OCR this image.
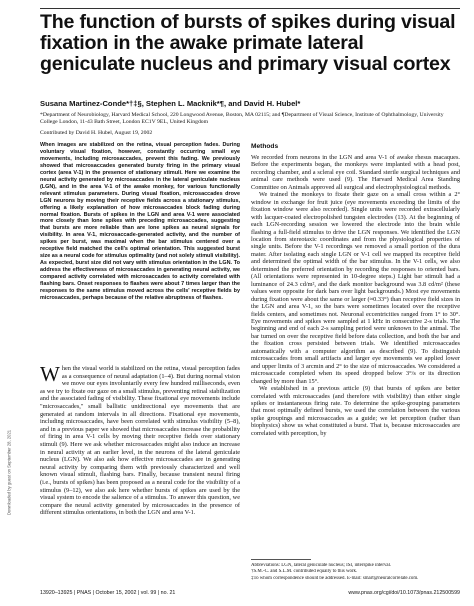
The function of bursts of spikes during visual fixation in the awake primate lateral geniculate nucleus and primary visual cortex
Susana Martinez-Conde*†‡§, Stephen L. Macknik*¶, and David H. Hubel*
*Department of Neurobiology, Harvard Medical School, 220 Longwood Avenue, Boston, MA 02115; and ¶Department of Visual Science, Institute of Ophthalmology, University College London, 11-43 Bath Street, London EC1V 9EL, United Kingdom
Contributed by David H. Hubel, August 19, 2002
When images are stabilized on the retina, visual perception fades. During voluntary visual fixation, however, constantly occurring small eye movements, including microsaccades, prevent this fading. We previously showed that microsaccades generated bursty firing in the primary visual cortex (area V-1) in the presence of stationary stimuli. Here we examine the neural activity generated by microsaccades in the lateral geniculate nucleus (LGN), and in the area V-1 of the awake monkey, for various functionally relevant stimulus parameters. During visual fixation, microsaccades drove LGN neurons by moving their receptive fields across a stationary stimulus, offering a likely explanation of how microsaccades block fading during normal fixation. Bursts of spikes in the LGN and area V-1 were associated more closely than lone spikes with preceding microsaccades, suggesting that bursts are more reliable than are lone spikes as neural signals for visibility. In area V-1, microsaccade-generated activity, and the number of spikes per burst, was maximal when the bar stimulus centered over a receptive field matched the cell's optimal orientation. This suggested burst size as a neural code for stimulus optimality (and not solely stimuli visibility). As expected, burst size did not vary with stimulus orientation in the LGN. To address the effectiveness of microsaccades in generating neural activity, we compared activity correlated with microsaccades to activity correlated with flashing bars. Onset responses to flashes were about 7 times larger than the responses to the same stimulus moved across the cells' receptive fields by microsaccades, perhaps because of the relative abruptness of flashes.
W hen the visual world is stabilized on the retina, visual perception fades as a consequence of neural adaptation (1–4). But during normal vision we move our eyes involuntarily every few hundred milliseconds, even as we try to fixate our gaze on a small stimulus, preventing retinal stabilization and the associated fading of visibility. These fixational eye movements include "microsaccades," small ballistic unidirectional eye movements that are generated at random intervals in all directions. Fixational eye movements, including microsaccades, have been correlated with stimulus visibility (5–8), and in a previous paper we showed that microsaccades increase the probability of firing in area V-1 cells by moving their receptive fields over stationary stimuli (9). Here we ask whether microsaccades might also induce an increase in neural activity at an earlier level, in the neurons of the lateral geniculate nucleus (LGN). We also ask how effective microsaccades are in generating neural activity by comparing them with previously characterized and well known visual stimuli, flashing bars. Finally, because transient neural firing (i.e., bursts of spikes) has been proposed as a neural code for the visibility of a stimulus (9–12), we also ask here whether bursts of spikes are used by the visual system to encode the salience of a stimulus. To answer this question, we compare the neural activity generated by microsaccades in the presence of different stimulus orientations, in both the LGN and area V-1.
Methods

We recorded from neurons in the LGN and area V-1 of awake rhesus macaques. Before the experiments began, the monkeys were implanted with a head post, recording chamber, and a scleral eye coil. Standard sterile surgical techniques and animal care methods were used (9). The Harvard Medical Area Standing Committee on Animals approved all surgical and electrophysiological methods.

We trained the monkeys to fixate their gaze on a small cross within a 2° window in exchange for fruit juice (eye movements exceeding the limits of the fixation window were also recorded). Single units were recorded extracellularly with lacquer-coated electropolished tungsten electrodes (13). At the beginning of each LGN-recording session we lowered the electrode into the brain while flashing a full-field stimulus to drive the LGN responses. We identified the LGN location from stereotaxic coordinates and from the physiological properties of single units. Before the V-1 recordings we removed a small portion of the dura mater. After isolating each single LGN or V-1 cell we mapped its receptive field and determined the optimal width of the bar stimulus. In the V-1 cells, we also determined the preferred orientation by recording the responses to oriented bars. (All orientations were represented in 10-degree steps.) Light bar stimuli had a luminance of 24.3 cd/m², and the dark monitor background was 3.8 cd/m² (these values were opposite for dark bars over light backgrounds.) Most eye movements during fixation were about the same or larger (≈0.33°) than receptive field sizes in the LGN and area V-1, so the bars were sometimes located over the receptive fields centers, and sometimes not. Neuronal eccentricities ranged from 1° to 30°. Eye movements and spikes were sampled at 1 kHz in consecutive 2-s trials. The beginning and end of each 2-s sampling period were unknown to the animal. The bar turned on over the receptive field before data collection, and both the bar and the fixation cross persisted between trials. We identified microsaccades automatically with a computer algorithm as described (9). To distinguish microsaccades from small artifacts and larger eye movements we applied lower and upper limits of 3 arcmin and 2° to the size of microsaccades. We considered a microsaccade completed when its speed dropped below 3°/s or its direction changed by more than 15°.

We established in a previous article (9) that bursts of spikes are better correlated with microsaccades (and therefore with visibility) than either single spikes or instantaneous firing rate. To determine the spike-grouping parameters that most optimally defined bursts, we used the correlation between the various spike groupings and microsaccades as a guide; we let perception (rather than biophysics) show us what constituted a burst. That is, because microsaccades are correlated with perception, by

Abbreviations: LGN, lateral geniculate nucleus; ISI, interspike interval.
†S.M.-C. and S.L.M. contributed equally to this work.
‡To whom correspondence should be addressed. E-mail: smart@neuralcorrelate.com.
13920–13925 | PNAS | October 15, 2002 | vol. 99 | no. 21	www.pnas.org/cgi/doi/10.1073/pnas.212500599
Downloaded by guest on September 28, 2021
